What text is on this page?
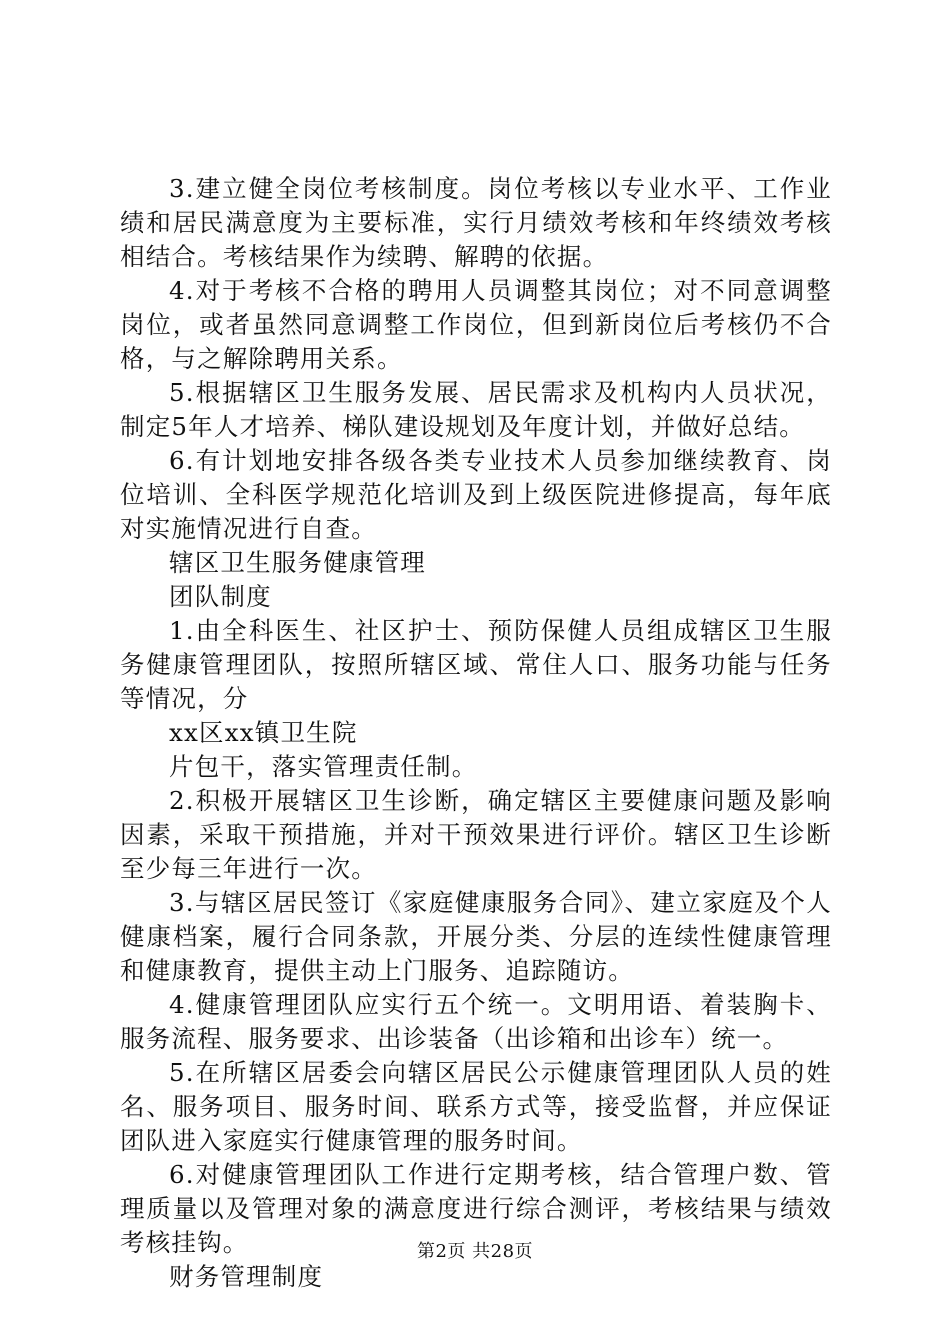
3.建立健全岗位考核制度。岗位考核以专业水平、工作业绩和居民满意度为主要标准，实行月绩效考核和年终绩效考核相结合。考核结果作为续聘、解聘的依据。

4.对于考核不合格的聘用人员调整其岗位；对不同意调整岗位，或者虽然同意调整工作岗位，但到新岗位后考核仍不合格，与之解除聘用关系。

5.根据辖区卫生服务发展、居民需求及机构内人员状况，制定5年人才培养、梯队建设规划及年度计划，并做好总结。

6.有计划地安排各级各类专业技术人员参加继续教育、岗位培训、全科医学规范化培训及到上级医院进修提高，每年底对实施情况进行自查。

辖区卫生服务健康管理

团队制度

1.由全科医生、社区护士、预防保健人员组成辖区卫生服务健康管理团队，按照所辖区域、常住人口、服务功能与任务等情况，分

xx区xx镇卫生院

片包干，落实管理责任制。

2.积极开展辖区卫生诊断，确定辖区主要健康问题及影响因素，采取干预措施，并对干预效果进行评价。辖区卫生诊断至少每三年进行一次。

3.与辖区居民签订《家庭健康服务合同》、建立家庭及个人健康档案，履行合同条款，开展分类、分层的连续性健康管理和健康教育，提供主动上门服务、追踪随访。

4.健康管理团队应实行五个统一。文明用语、着装胸卡、服务流程、服务要求、出诊装备（出诊箱和出诊车）统一。

5.在所辖区居委会向辖区居民公示健康管理团队人员的姓名、服务项目、服务时间、联系方式等，接受监督，并应保证团队进入家庭实行健康管理的服务时间。

6.对健康管理团队工作进行定期考核，结合管理户数、管理质量以及管理对象的满意度进行综合测评，考核结果与绩效考核挂钩。

财务管理制度

第2页 共28页
